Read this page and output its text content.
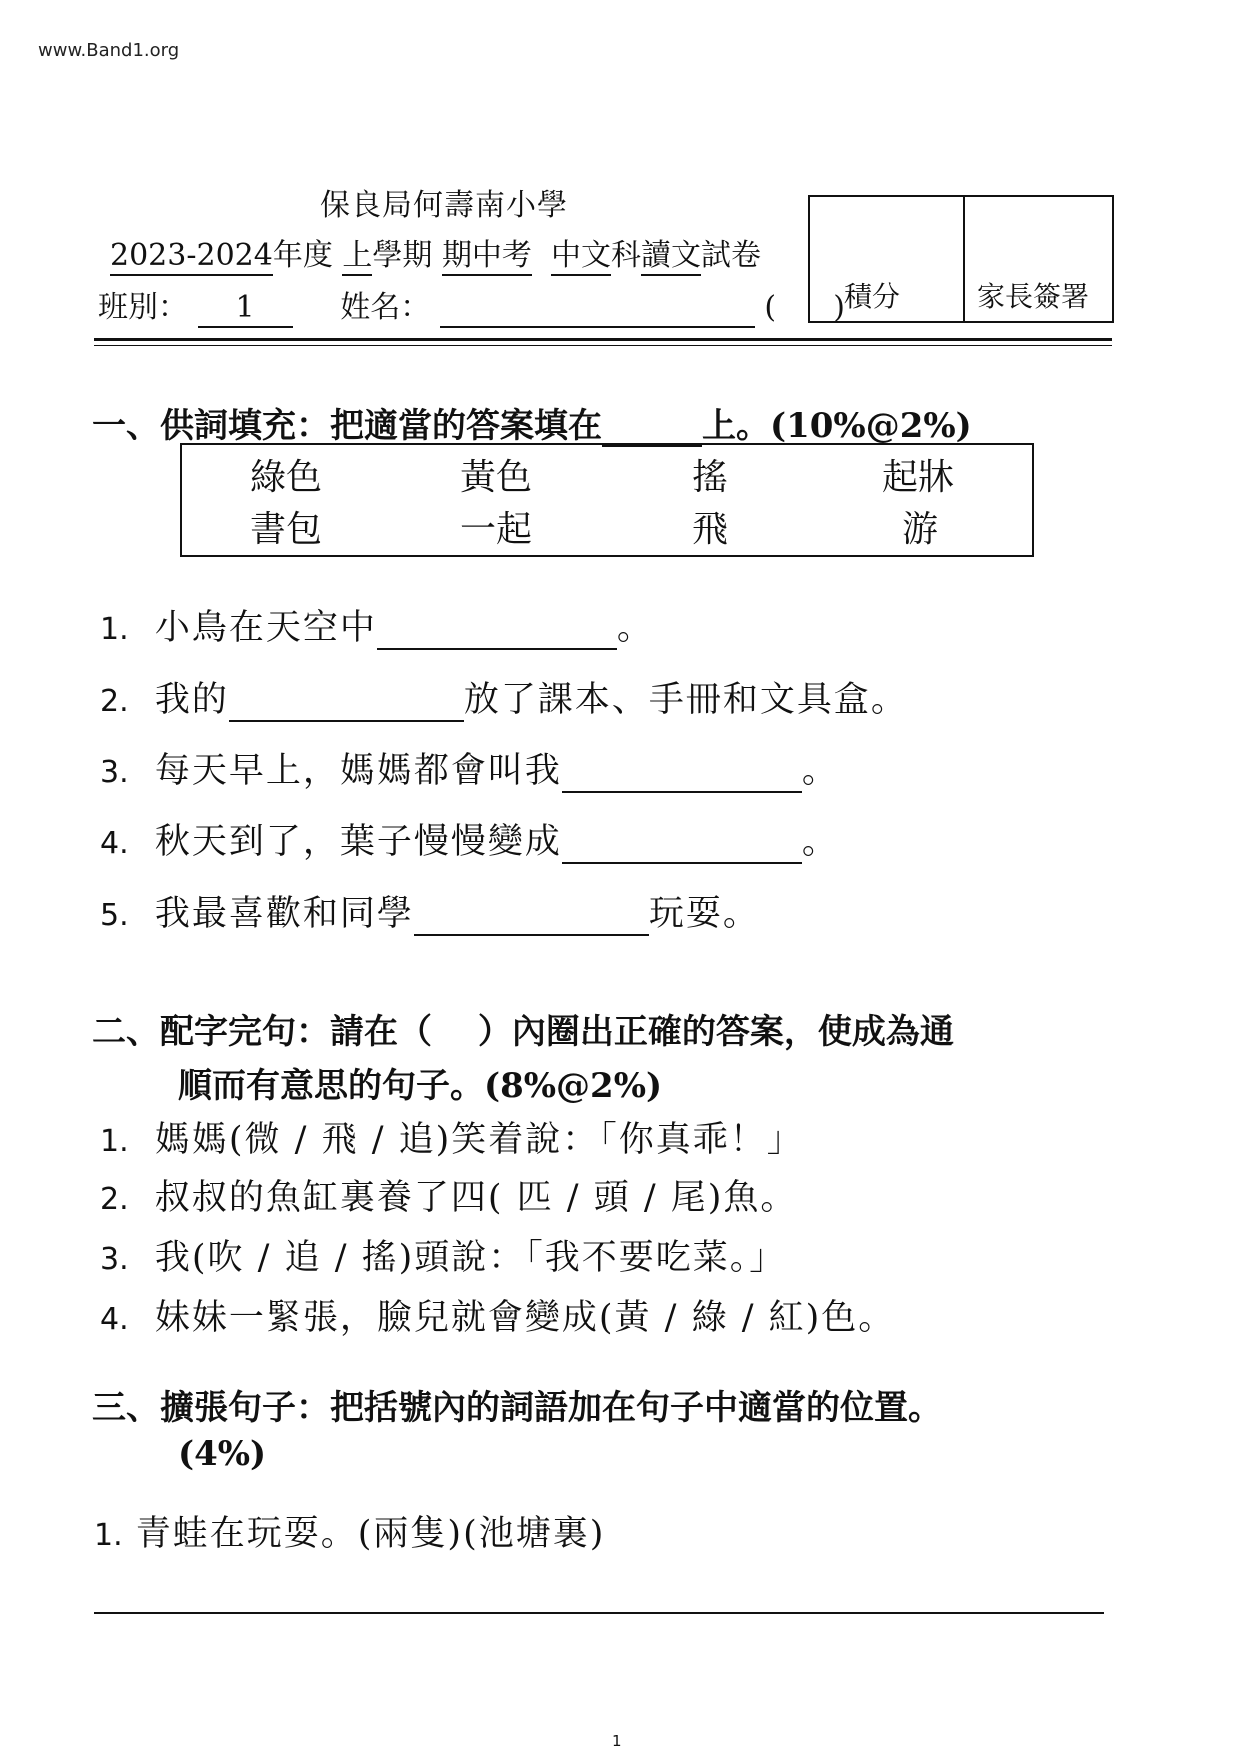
www.Band1.org
保良局何壽南小學
2023-2024年度 上學期 期中考 中文科讀文試卷
班別： 1	姓名：	(      ) 積分	家長簽署
一、供詞填充：把適當的答案填在	上。(10%@2%)
綠色	黃色	搖	起牀
書包	一起	飛	游
1. 小鳥在天空中	。
2. 我的	放了課本、手冊和文具盒。
3. 每天早上，媽媽都會叫我	。
4. 秋天到了，葉子慢慢變成	。
5. 我最喜歡和同學	玩耍。
二、配字完句：請在（　 ）內圈出正確的答案，使成為通
順而有意思的句子。(8%@2%)
1. 媽媽(微 / 飛 / 追)笑着說：「你真乖！」
2. 叔叔的魚缸裏養了四( 匹 / 頭 / 尾)魚。
3. 我(吹 / 追 / 搖)頭說：「我不要吃菜。」
4. 妹妹一緊張，臉兒就會變成(黃 / 綠 / 紅)色。
三、擴張句子：把括號內的詞語加在句子中適當的位置。
(4%)
1. 青蛙在玩耍。(兩隻)(池塘裏)
1
